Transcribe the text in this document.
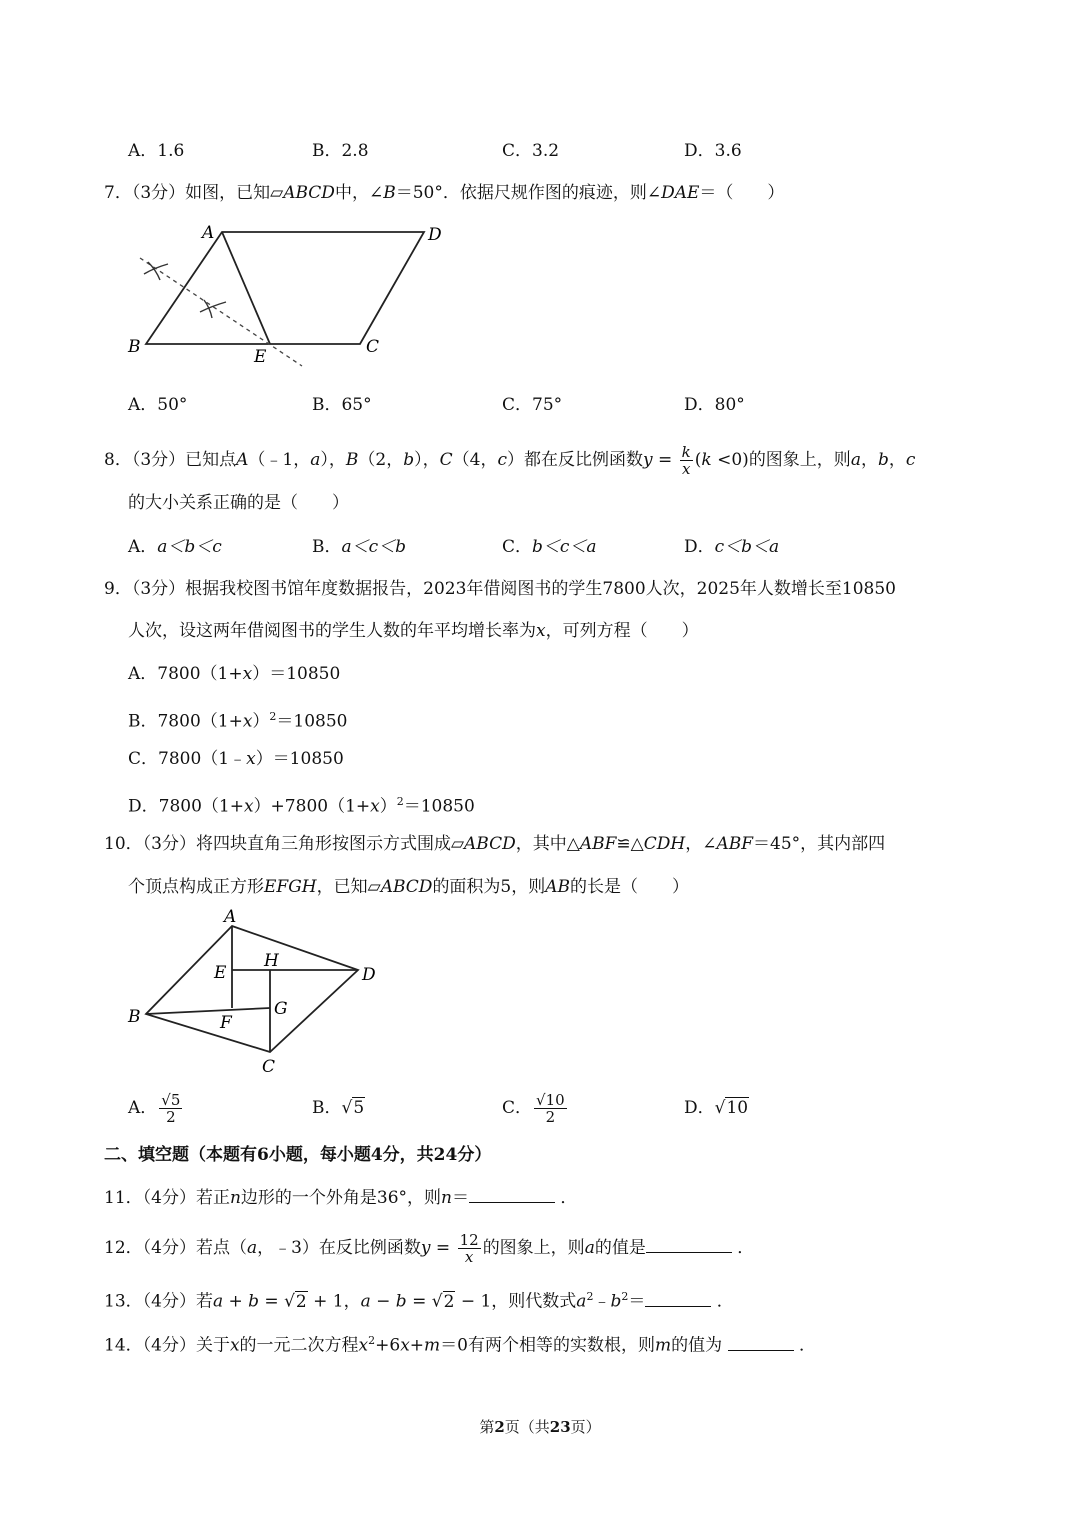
A．1.6	B．2.8	C．3.2	D．3.6
7．（3分）如图，已知▱ABCD中，∠B＝50°．依据尺规作图的痕迹，则∠DAE＝（　　）
A	D
B	E	C
A．50°	B．65°	C．75°	D．80°
8．（3分）已知点A（﹣1，a），B（2，b），C（4，c）都在反比例函数$y = \frac{k}{x} (k <0)$的图象上，则a，b，c
的大小关系正确的是（　　）
A．a＜b＜c	B．a＜c＜b	C．b＜c＜a	D．c＜b＜a
9．（3分）根据我校图书馆年度数据报告，2023年借阅图书的学生7800人次，2025年人数增长至10850
人次，设这两年借阅图书的学生人数的年平均增长率为x，可列方程（　　）
A．7800（1+x）＝10850
B．$7800(1+x)^2=10850$
C．7800（1﹣x）＝10850
D．$7800(1+x)+7800(1+x)^2=10850$
10．（3分）将四块直角三角形按图示方式围成▱ABCD，其中△ABF≌△CDH，∠ABF＝45°，其内部四
个顶点构成正方形EFGH，已知▱ABCD的面积为5，则AB的长是（　　）
A
D
B
C
E
H
G
F
A． $\frac{√5}{2}$	B．√5	C． $\frac{√10}{2}$	D．√10
二、填空题（本题有6小题，每小题4分，共24分）
11．（4分）若正n边形的一个外角是36°，则n＝	．
12．（4分）若点（a，﹣3）在反比例函数$y = \frac{12}{x}$ 的图象上，则a的值是	．
13．（4分）若a + b = √2 + 1，a − b = √2 − 1，则代数式$a^2﹣b^2=$	．
14．（4分）关于x的一元二次方程$x^2+6x+m=0$有两个相等的实数根，则m的值为	．
第2页（共23页）
